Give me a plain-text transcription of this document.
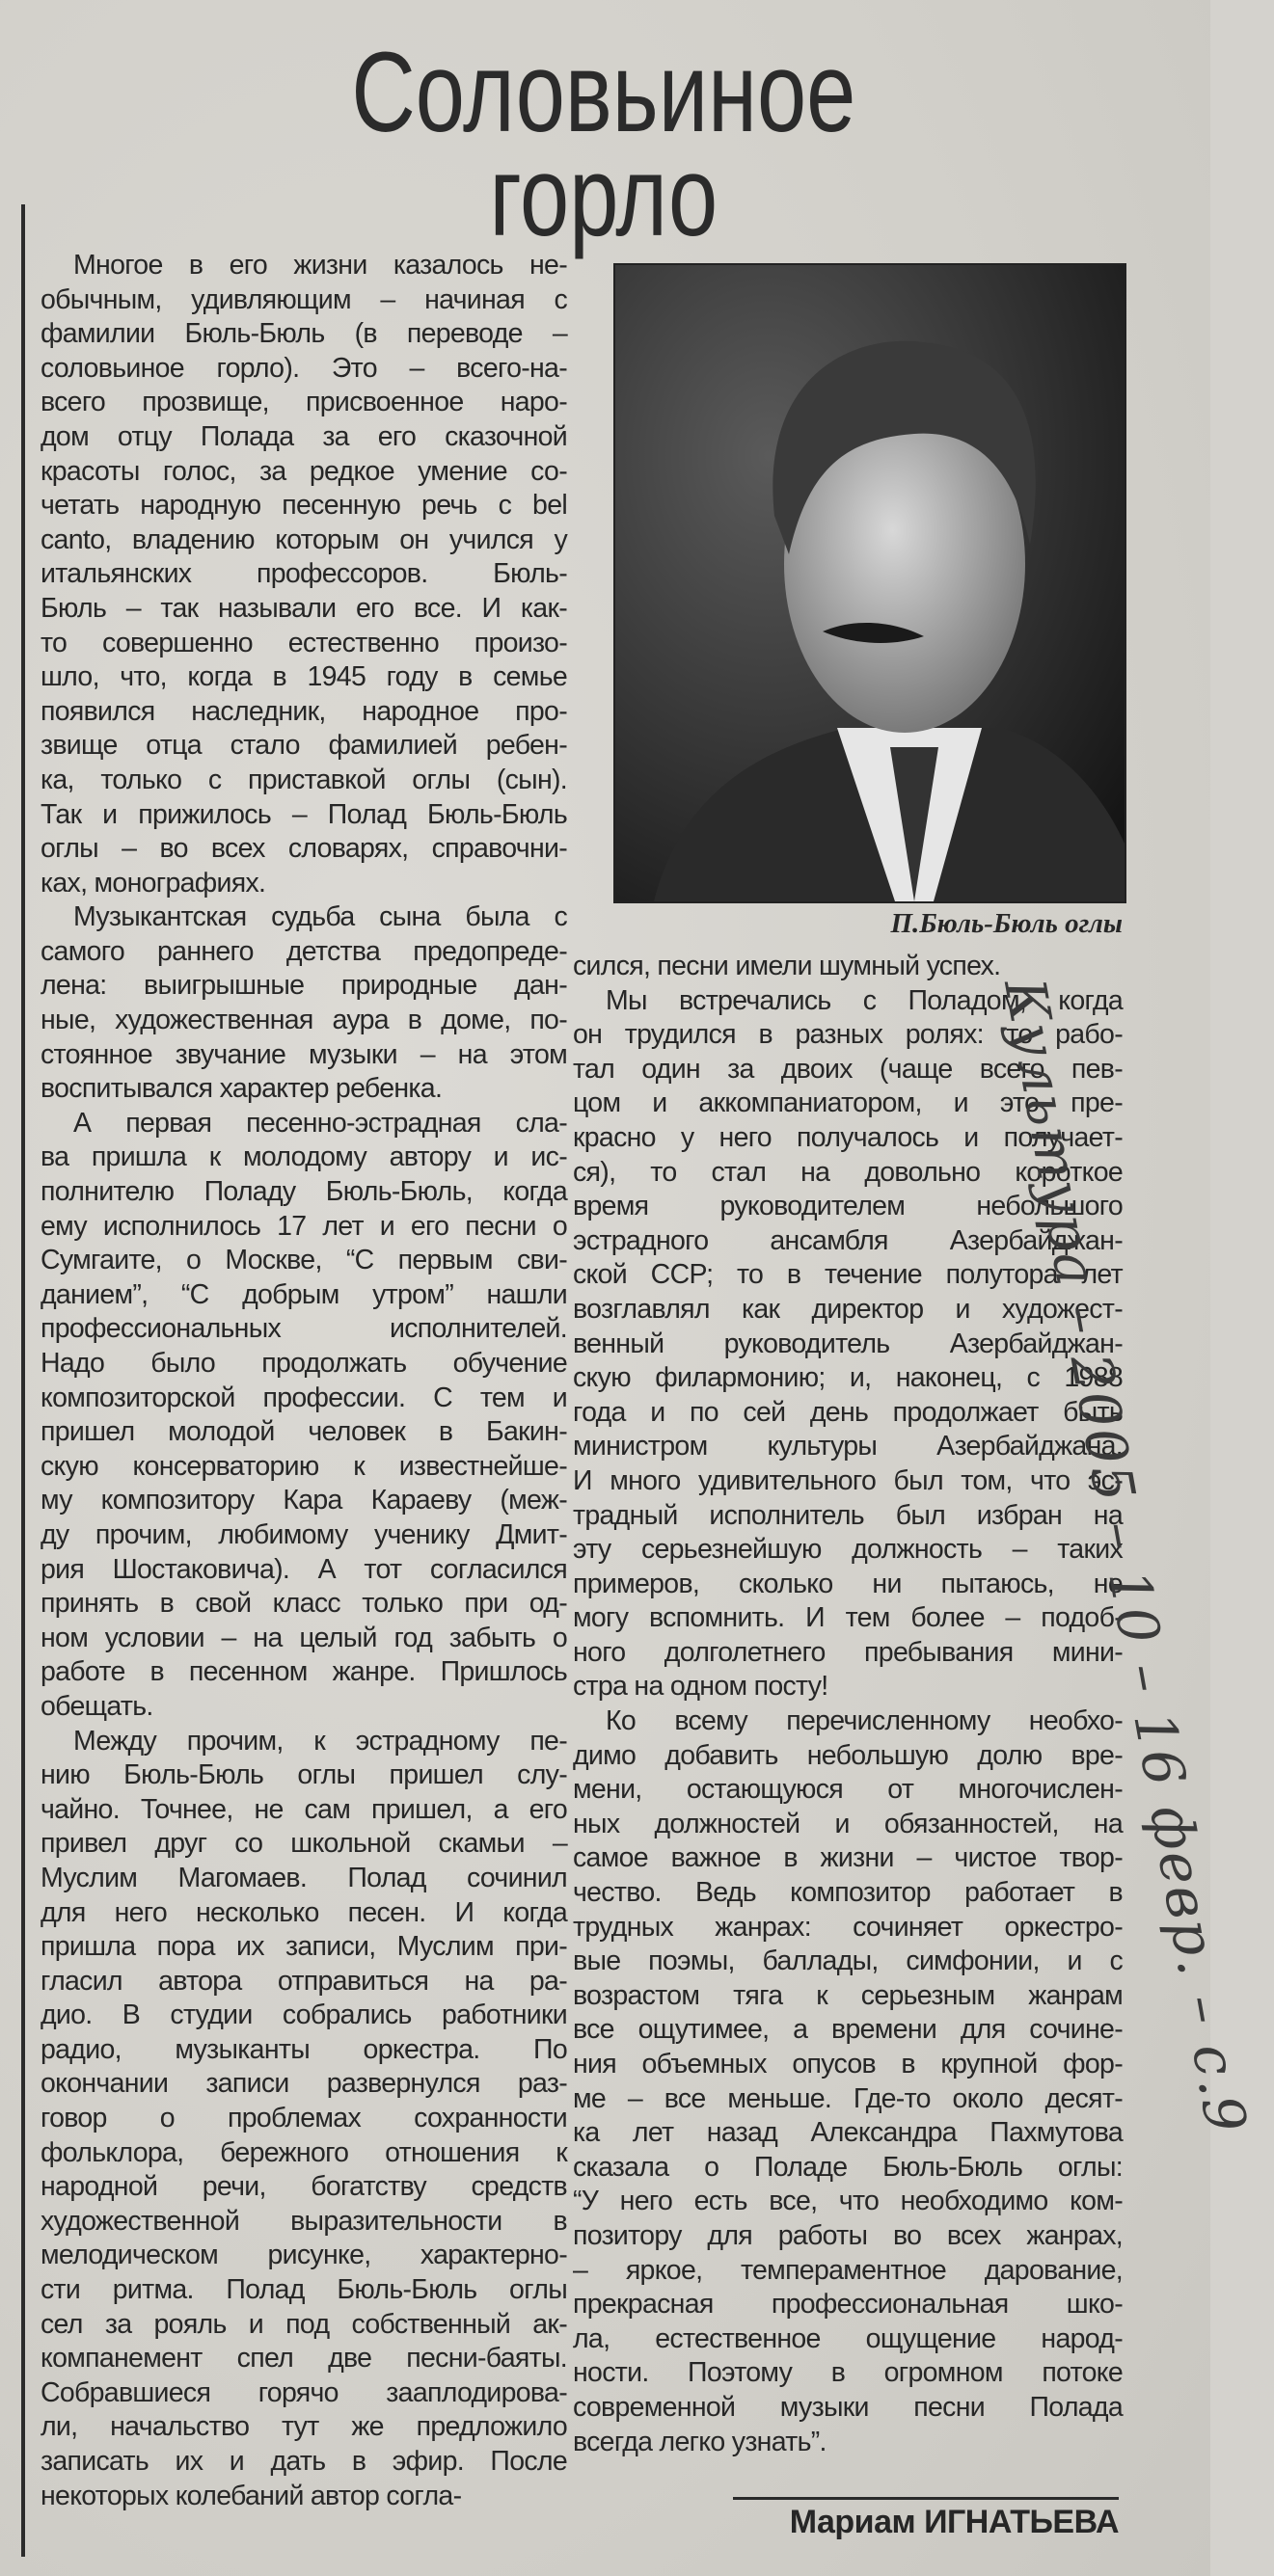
Соловьиное
горло
Многое в его жизни казалось не-
обычным, удивляющим – начиная с
фамилии Бюль-Бюль (в переводе –
соловьиное горло). Это – всего-на-
всего прозвище, присвоенное наро-
дом отцу Полада за его сказочной
красоты голос, за редкое умение со-
четать народную песенную речь с bel
canto, владению которым он учился у
итальянских профессоров. Бюль-
Бюль – так называли его все. И как-
то совершенно естественно произо-
шло, что, когда в 1945 году в семье
появился наследник, народное про-
звище отца стало фамилией ребен-
ка, только с приставкой оглы (сын).
Так и прижилось – Полад Бюль-Бюль
оглы – во всех словарях, справочни-
ках, монографиях.
Музыкантская судьба сына была с
самого раннего детства предопреде-
лена: выигрышные природные дан-
ные, художественная аура в доме, по-
стоянное звучание музыки – на этом
воспитывался характер ребенка.
А первая песенно-эстрадная сла-
ва пришла к молодому автору и ис-
полнителю Поладу Бюль-Бюль, когда
ему исполнилось 17 лет и его песни о
Сумгаите, о Москве, “С первым сви-
данием”, “С добрым утром” нашли
профессиональных исполнителей.
Надо было продолжать обучение
композиторской профессии. С тем и
пришел молодой человек в Бакин-
скую консерваторию к известнейше-
му композитору Кара Караеву (меж-
ду прочим, любимому ученику Дмит-
рия Шостаковича). А тот согласился
принять в свой класс только при од-
ном условии – на целый год забыть о
работе в песенном жанре. Пришлось
обещать.
Между прочим, к эстрадному пе-
нию Бюль-Бюль оглы пришел слу-
чайно. Точнее, не сам пришел, а его
привел друг со школьной скамьи –
Муслим Магомаев. Полад сочинил
для него несколько песен. И когда
пришла пора их записи, Муслим при-
гласил автора отправиться на ра-
дио. В студии собрались работники
радио, музыканты оркестра. По
окончании записи развернулся раз-
говор о проблемах сохранности
фольклора, бережного отношения к
народной речи, богатству средств
художественной выразительности в
мелодическом рисунке, характерно-
сти ритма. Полад Бюль-Бюль оглы
сел за рояль и под собственный ак-
компанемент спел две песни-баяты.
Собравшиеся горячо зааплодирова-
ли, начальство тут же предложило
записать их и дать в эфир. После
некоторых колебаний автор согла-
П.Бюль-Бюль оглы
сился, песни имели шумный успех.
Мы встречались с Поладом, когда
он трудился в разных ролях: то рабо-
тал один за двоих (чаще всего пев-
цом и аккомпаниатором, и это пре-
красно у него получалось и получает-
ся), то стал на довольно короткое
время руководителем небольшого
эстрадного ансамбля Азербайджан-
ской ССР; то в течение полутора лет
возглавлял как директор и художест-
венный руководитель Азербайджан-
скую филармонию; и, наконец, с 1988
года и по сей день продолжает быть
министром культуры Азербайджана.
И много удивительного был том, что эс-
традный исполнитель был избран на
эту серьезнейшую должность – таких
примеров, сколько ни пытаюсь, не
могу вспомнить. И тем более – подоб-
ного долголетнего пребывания мини-
стра на одном посту!
Ко всему перечисленному необхо-
димо добавить небольшую долю вре-
мени, остающуюся от многочислен-
ных должностей и обязанностей, на
самое важное в жизни – чистое твор-
чество. Ведь композитор работает в
трудных жанрах: сочиняет оркестро-
вые поэмы, баллады, симфонии, и с
возрастом тяга к серьезным жанрам
все ощутимее, а времени для сочине-
ния объемных опусов в крупной фор-
ме – все меньше. Где-то около десят-
ка лет назад Александра Пахмутова
сказала о Поладе Бюль-Бюль оглы:
“У него есть все, что необходимо ком-
позитору для работы во всех жанрах,
– яркое, темпераментное дарование,
прекрасная профессиональная шко-
ла, естественное ощущение народ-
ности. Поэтому в огромном потоке
современной музыки песни Полада
всегда легко узнать”.
Мариам ИГНАТЬЕВА
Культура – 2005 – 10 – 16 февр. – с.9
